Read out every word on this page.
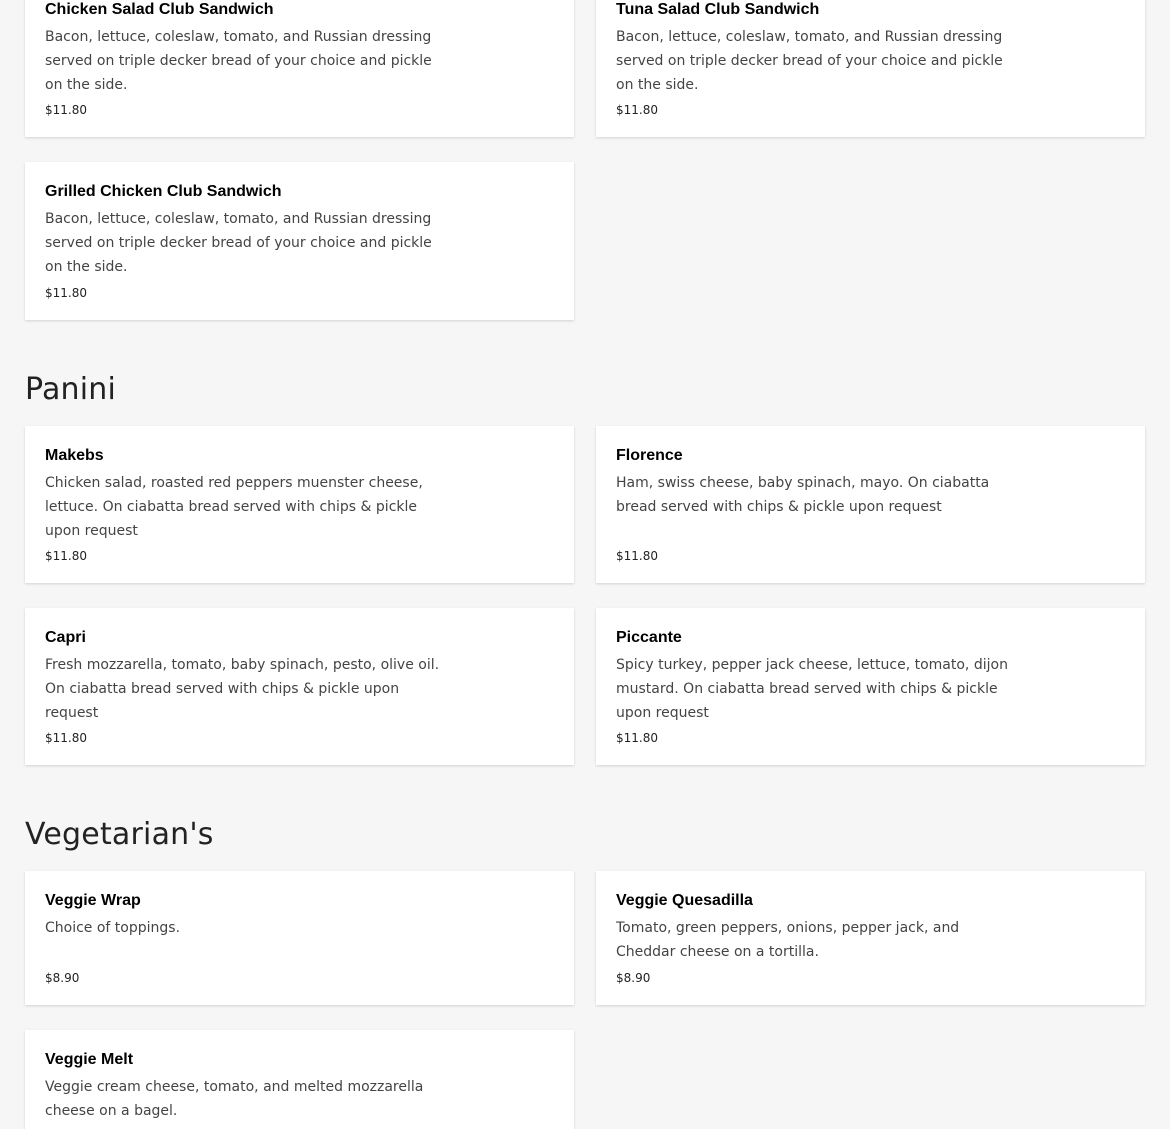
Chicken Salad Club Sandwich
Bacon, lettuce, coleslaw, tomato, and Russian dressing served on triple decker bread of your choice and pickle on the side.
$11.80
Tuna Salad Club Sandwich
Bacon, lettuce, coleslaw, tomato, and Russian dressing served on triple decker bread of your choice and pickle on the side.
$11.80
Grilled Chicken Club Sandwich
Bacon, lettuce, coleslaw, tomato, and Russian dressing served on triple decker bread of your choice and pickle on the side.
$11.80
Panini
Makebs
Chicken salad, roasted red peppers muenster cheese, lettuce. On ciabatta bread served with chips & pickle upon request
$11.80
Florence
Ham, swiss cheese, baby spinach, mayo. On ciabatta bread served with chips & pickle upon request
$11.80
Capri
Fresh mozzarella, tomato, baby spinach, pesto, olive oil. On ciabatta bread served with chips & pickle upon request
$11.80
Piccante
Spicy turkey, pepper jack cheese, lettuce, tomato, dijon mustard. On ciabatta bread served with chips & pickle upon request
$11.80
Vegetarian's
Veggie Wrap
Choice of toppings.
$8.90
Veggie Quesadilla
Tomato, green peppers, onions, pepper jack, and Cheddar cheese on a tortilla.
$8.90
Veggie Melt
Veggie cream cheese, tomato, and melted mozzarella cheese on a bagel.
